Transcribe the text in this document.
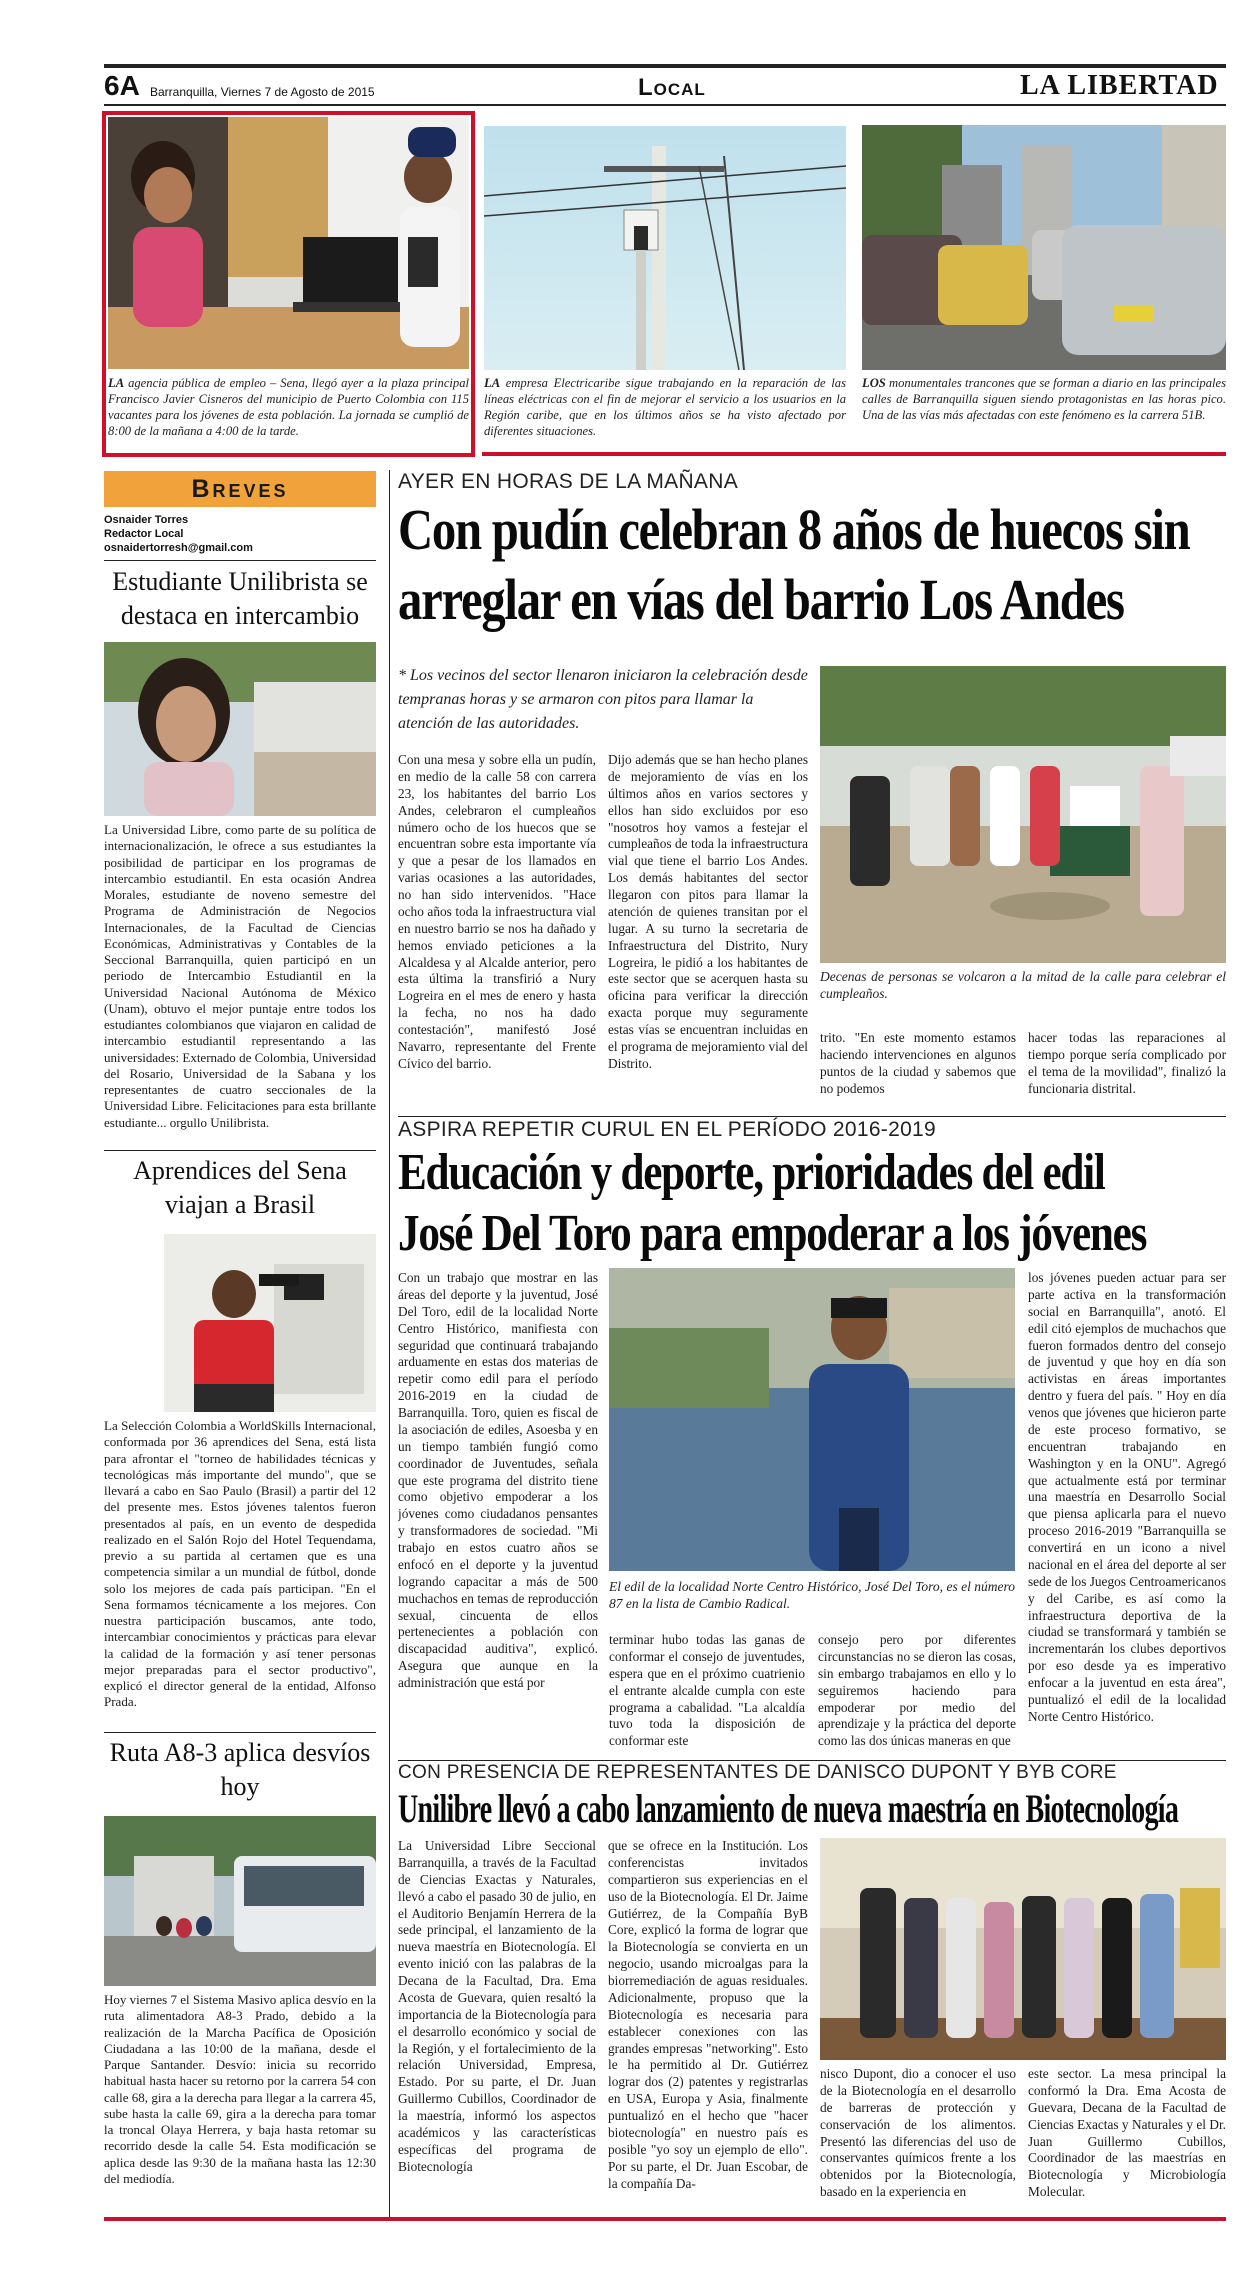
6A Barranquilla, Viernes 7 de Agosto de 2015	Local	LA LIBERTAD
LA agencia pública de empleo – Sena, llegó ayer a la plaza principal Francisco Javier Cisneros del municipio de Puerto Colombia con 115 vacantes para los jóvenes de esta población. La jornada se cumplió de 8:00 de la mañana a 4:00 de la tarde.
LA empresa Electricaribe sigue trabajando en la reparación de las líneas eléctricas con el fin de mejorar el servicio a los usuarios en la Región caribe, que en los últimos años se ha visto afectado por diferentes situaciones.
LOS monumentales trancones que se forman a diario en las principales calles de Barranquilla siguen siendo protagonistas en las horas pico. Una de las vías más afectadas con este fenómeno es la carrera 51B.
Breves
Osnaider Torres
Redactor Local
osnaidertorresh@gmail.com
Estudiante Unilibrista se destaca en intercambio
La Universidad Libre, como parte de su política de internacionalización, le ofrece a sus estudiantes la posibilidad de participar en los programas de intercambio estudiantil. En esta ocasión Andrea Morales, estudiante de noveno semestre del Programa de Administración de Negocios Internacionales, de la Facultad de Ciencias Económicas, Administrativas y Contables de la Seccional Barranquilla, quien participó en un periodo de Intercambio Estudiantil en la Universidad Nacional Autónoma de México (Unam), obtuvo el mejor puntaje entre todos los estudiantes colombianos que viajaron en calidad de intercambio estudiantil representando a las universidades: Externado de Colombia, Universidad del Rosario, Universidad de la Sabana y los representantes de cuatro seccionales de la Universidad Libre. Felicitaciones para esta brillante estudiante... orgullo Unilibrista.
Aprendices del Sena viajan a Brasil
La Selección Colombia a WorldSkills Internacional, conformada por 36 aprendices del Sena, está lista para afrontar el "torneo de habilidades técnicas y tecnológicas más importante del mundo", que se llevará a cabo en Sao Paulo (Brasil) a partir del 12 del presente mes. Estos jóvenes talentos fueron presentados al país, en un evento de despedida realizado en el Salón Rojo del Hotel Tequendama, previo a su partida al certamen que es una competencia similar a un mundial de fútbol, donde solo los mejores de cada país participan. "En el Sena formamos técnicamente a los mejores. Con nuestra participación buscamos, ante todo, intercambiar conocimientos y prácticas para elevar la calidad de la formación y así tener personas mejor preparadas para el sector productivo", explicó el director general de la entidad, Alfonso Prada.
Ruta A8-3 aplica desvíos hoy
Hoy viernes 7 el Sistema Masivo aplica desvío en la ruta alimentadora A8-3 Prado, debido a la realización de la Marcha Pacífica de Oposición Ciudadana a las 10:00 de la mañana, desde el Parque Santander. Desvío: inicia su recorrido habitual hasta hacer su retorno por la carrera 54 con calle 68, gira a la derecha para llegar a la carrera 45, sube hasta la calle 69, gira a la derecha para tomar la troncal Olaya Herrera, y baja hasta retomar su recorrido desde la calle 54. Esta modificación se aplica desde las 9:30 de la mañana hasta las 12:30 del mediodía.
AYER EN HORAS DE LA MAÑANA
Con pudín celebran 8 años de huecos sin
arreglar en vías del barrio Los Andes
* Los vecinos del sector llenaron iniciaron la celebración desde tempranas horas y se armaron con pitos para llamar la atención de las autoridades.
Con una mesa y sobre ella un pudín, en medio de la calle 58 con carrera 23, los habitantes del barrio Los Andes, celebraron el cumpleaños número ocho de los huecos que se encuentran sobre esta importante vía y que a pesar de los llamados en varias ocasiones a las autoridades, no han sido intervenidos. "Hace ocho años toda la infraestructura vial en nuestro barrio se nos ha dañado y hemos enviado peticiones a la Alcaldesa y al Alcalde anterior, pero esta última la transfirió a Nury Logreira en el mes de enero y hasta la fecha, no nos ha dado contestación", manifestó José Navarro, representante del Frente Cívico del barrio.
Dijo además que se han hecho planes de mejoramiento de vías en los últimos años en varios sectores y ellos han sido excluidos por eso "nosotros hoy vamos a festejar el cumpleaños de toda la infraestructura vial que tiene el barrio Los Andes. Los demás habitantes del sector llegaron con pitos para llamar la atención de quienes transitan por el lugar. A su turno la secretaria de Infraestructura del Distrito, Nury Logreira, le pidió a los habitantes de este sector que se acerquen hasta su oficina para verificar la dirección exacta porque muy seguramente estas vías se encuentran incluidas en el programa de mejoramiento vial del Distrito.
Decenas de personas se volcaron a la mitad de la calle para celebrar el cumpleaños.
trito. "En este momento estamos haciendo intervenciones en algunos puntos de la ciudad y sabemos que no podemos
hacer todas las reparaciones al tiempo porque sería complicado por el tema de la movilidad", finalizó la funcionaria distrital.
ASPIRA REPETIR CURUL EN EL PERÍODO 2016-2019
Educación y deporte, prioridades del edil
José Del Toro para empoderar a los jóvenes
Con un trabajo que mostrar en las áreas del deporte y la juventud, José Del Toro, edil de la localidad Norte Centro Histórico, manifiesta con seguridad que continuará trabajando arduamente en estas dos materias de repetir como edil para el período 2016-2019 en la ciudad de Barranquilla. Toro, quien es fiscal de la asociación de ediles, Asoesba y en un tiempo también fungió como coordinador de Juventudes, señala que este programa del distrito tiene como objetivo empoderar a los jóvenes como ciudadanos pensantes y transformadores de sociedad. "Mi trabajo en estos cuatro años se enfocó en el deporte y la juventud logrando capacitar a más de 500 muchachos en temas de reproducción sexual, cincuenta de ellos pertenecientes a población con discapacidad auditiva", explicó. Asegura que aunque en la administración que está por
El edil de la localidad Norte Centro Histórico, José Del Toro, es el número 87 en la lista de Cambio Radical.
terminar hubo todas las ganas de conformar el consejo de juventudes, espera que en el próximo cuatrienio el entrante alcalde cumpla con este programa a cabalidad. "La alcaldía tuvo toda la disposición de conformar este
consejo pero por diferentes circunstancias no se dieron las cosas, sin embargo trabajamos en ello y lo seguiremos haciendo para empoderar por medio del aprendizaje y la práctica del deporte como las dos únicas maneras en que
los jóvenes pueden actuar para ser parte activa en la transformación social en Barranquilla", anotó. El edil citó ejemplos de muchachos que fueron formados dentro del consejo de juventud y que hoy en día son activistas en áreas importantes dentro y fuera del país. " Hoy en día venos que jóvenes que hicieron parte de este proceso formativo, se encuentran trabajando en Washington y en la ONU". Agregó que actualmente está por terminar una maestría en Desarrollo Social que piensa aplicarla para el nuevo proceso 2016-2019 "Barranquilla se convertirá en un icono a nivel nacional en el área del deporte al ser sede de los Juegos Centroamericanos y del Caribe, es así como la infraestructura deportiva de la ciudad se transformará y también se incrementarán los clubes deportivos por eso desde ya es imperativo enfocar a la juventud en esta área", puntualizó el edil de la localidad Norte Centro Histórico.
CON PRESENCIA DE REPRESENTANTES DE DANISCO DUPONT Y BYB CORE
Unilibre llevó a cabo lanzamiento de nueva maestría en Biotecnología
La Universidad Libre Seccional Barranquilla, a través de la Facultad de Ciencias Exactas y Naturales, llevó a cabo el pasado 30 de julio, en el Auditorio Benjamín Herrera de la sede principal, el lanzamiento de la nueva maestría en Biotecnología. El evento inició con las palabras de la Decana de la Facultad, Dra. Ema Acosta de Guevara, quien resaltó la importancia de la Biotecnología para el desarrollo económico y social de la Región, y el fortalecimiento de la relación Universidad, Empresa, Estado. Por su parte, el Dr. Juan Guillermo Cubillos, Coordinador de la maestría, informó los aspectos académicos y las características específicas del programa de Biotecnología
que se ofrece en la Institución. Los conferencistas invitados compartieron sus experiencias en el uso de la Biotecnología. El Dr. Jaime Gutiérrez, de la Compañía ByB Core, explicó la forma de lograr que la Biotecnología se convierta en un negocio, usando microalgas para la biorremediación de aguas residuales. Adicionalmente, propuso que la Biotecnología es necesaria para establecer conexiones con las grandes empresas "networking". Esto le ha permitido al Dr. Gutiérrez lograr dos (2) patentes y registrarlas en USA, Europa y Asia, finalmente puntualizó en el hecho que "hacer biotecnología" en nuestro país es posible "yo soy un ejemplo de ello". Por su parte, el Dr. Juan Escobar, de la compañía Da-
nisco Dupont, dio a conocer el uso de la Biotecnología en el desarrollo de barreras de protección y conservación de los alimentos. Presentó las diferencias del uso de conservantes químicos frente a los obtenidos por la Biotecnología, basado en la experiencia en
este sector. La mesa principal la conformó la Dra. Ema Acosta de Guevara, Decana de la Facultad de Ciencias Exactas y Naturales y el Dr. Juan Guillermo Cubillos, Coordinador de las maestrías en Biotecnología y Microbiología Molecular.
